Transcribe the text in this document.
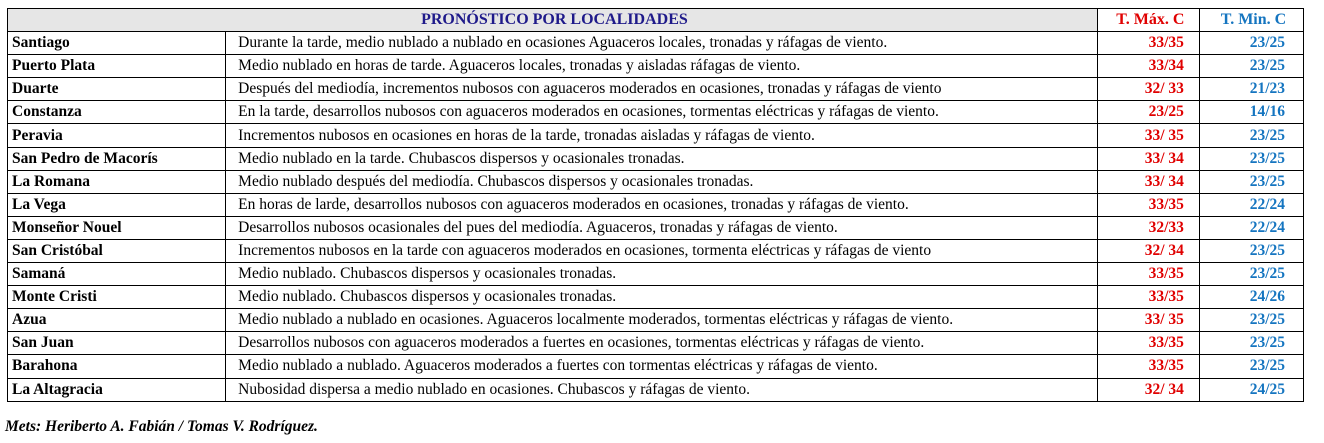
PRONÓSTICO POR LOCALIDADES		T. Máx. C	T. Min. C
Santiago	Durante la tarde, medio nublado a nublado en ocasiones Aguaceros locales, tronadas y ráfagas de viento.	33/35	23/25
Puerto Plata	Medio nublado en horas de tarde. Aguaceros locales, tronadas y aisladas ráfagas de viento.	33/34	23/25
Duarte	Después del mediodía, incrementos nubosos con aguaceros moderados en ocasiones, tronadas y ráfagas de viento	32/ 33	21/23
Constanza	En la tarde, desarrollos nubosos con aguaceros moderados en ocasiones, tormentas eléctricas y ráfagas de viento.	23/25	14/16
Peravia	Incrementos nubosos en ocasiones en horas de la tarde, tronadas aisladas y ráfagas de viento.	33/ 35	23/25
San Pedro de Macorís	Medio nublado en la tarde. Chubascos dispersos y ocasionales tronadas.	33/ 34	23/25
La Romana	Medio nublado después del mediodía. Chubascos dispersos y ocasionales tronadas.	33/ 34	23/25
La Vega	En horas de larde, desarrollos nubosos con aguaceros moderados en ocasiones, tronadas y ráfagas de viento.	33/35	22/24
Monseñor Nouel	Desarrollos nubosos ocasionales del pues del mediodía. Aguaceros, tronadas y ráfagas de viento.	32/33	22/24
San Cristóbal	Incrementos nubosos en la tarde con aguaceros moderados en ocasiones, tormenta eléctricas y ráfagas de viento	32/ 34	23/25
Samaná	Medio nublado. Chubascos dispersos y ocasionales tronadas.	33/35	23/25
Monte Cristi	Medio nublado. Chubascos dispersos y ocasionales tronadas.	33/35	24/26
Azua	Medio nublado a nublado en ocasiones. Aguaceros localmente moderados, tormentas eléctricas y ráfagas de viento.	33/ 35	23/25
San Juan	Desarrollos nubosos con aguaceros moderados a fuertes en ocasiones, tormentas eléctricas y ráfagas de viento.	33/35	23/25
Barahona	Medio nublado a nublado. Aguaceros moderados a fuertes con tormentas eléctricas y ráfagas de viento.	33/35	23/25
La Altagracia	Nubosidad dispersa a medio nublado en ocasiones. Chubascos y ráfagas de viento.	32/ 34	24/25
Mets: Heriberto A. Fabián / Tomas V. Rodríguez.
